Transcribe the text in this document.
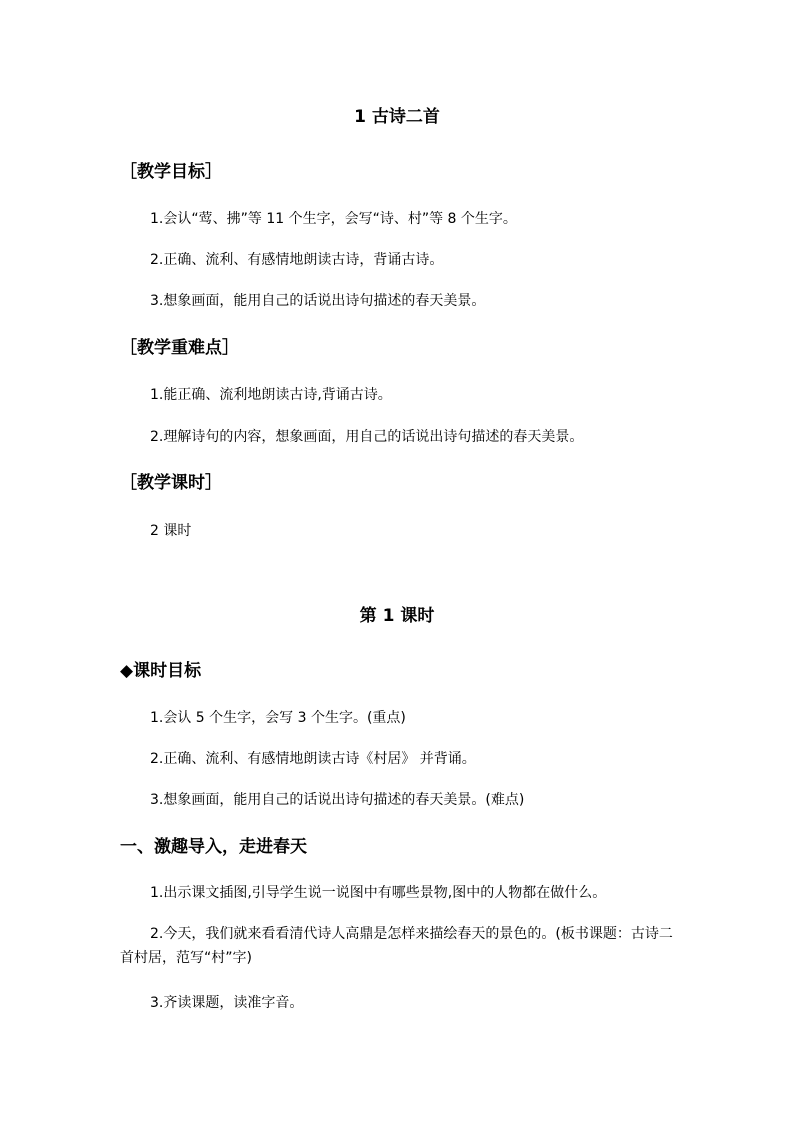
1 古诗二首
［教学目标］

1.会认“莺、拂”等 11 个生字，会写“诗、村”等 8 个生字。

2.正确、流利、有感情地朗读古诗，背诵古诗。

3.想象画面，能用自己的话说出诗句描述的春天美景。

［教学重难点］

1.能正确、流利地朗读古诗,背诵古诗。

2.理解诗句的内容，想象画面，用自己的话说出诗句描述的春天美景。

［教学课时］

2 课时

第 1 课时
◆课时目标

1.会认 5 个生字，会写 3 个生字。(重点)

2.正确、流利、有感情地朗读古诗《村居》 并背诵。

3.想象画面，能用自己的话说出诗句描述的春天美景。(难点)

一、激趣导入，走进春天

1.出示课文插图,引导学生说一说图中有哪些景物,图中的人物都在做什么。

2.今天，我们就来看看清代诗人高鼎是怎样来描绘春天的景色的。(板书课题：古诗二首村居，范写“村”字)

3.齐读课题，读准字音。
